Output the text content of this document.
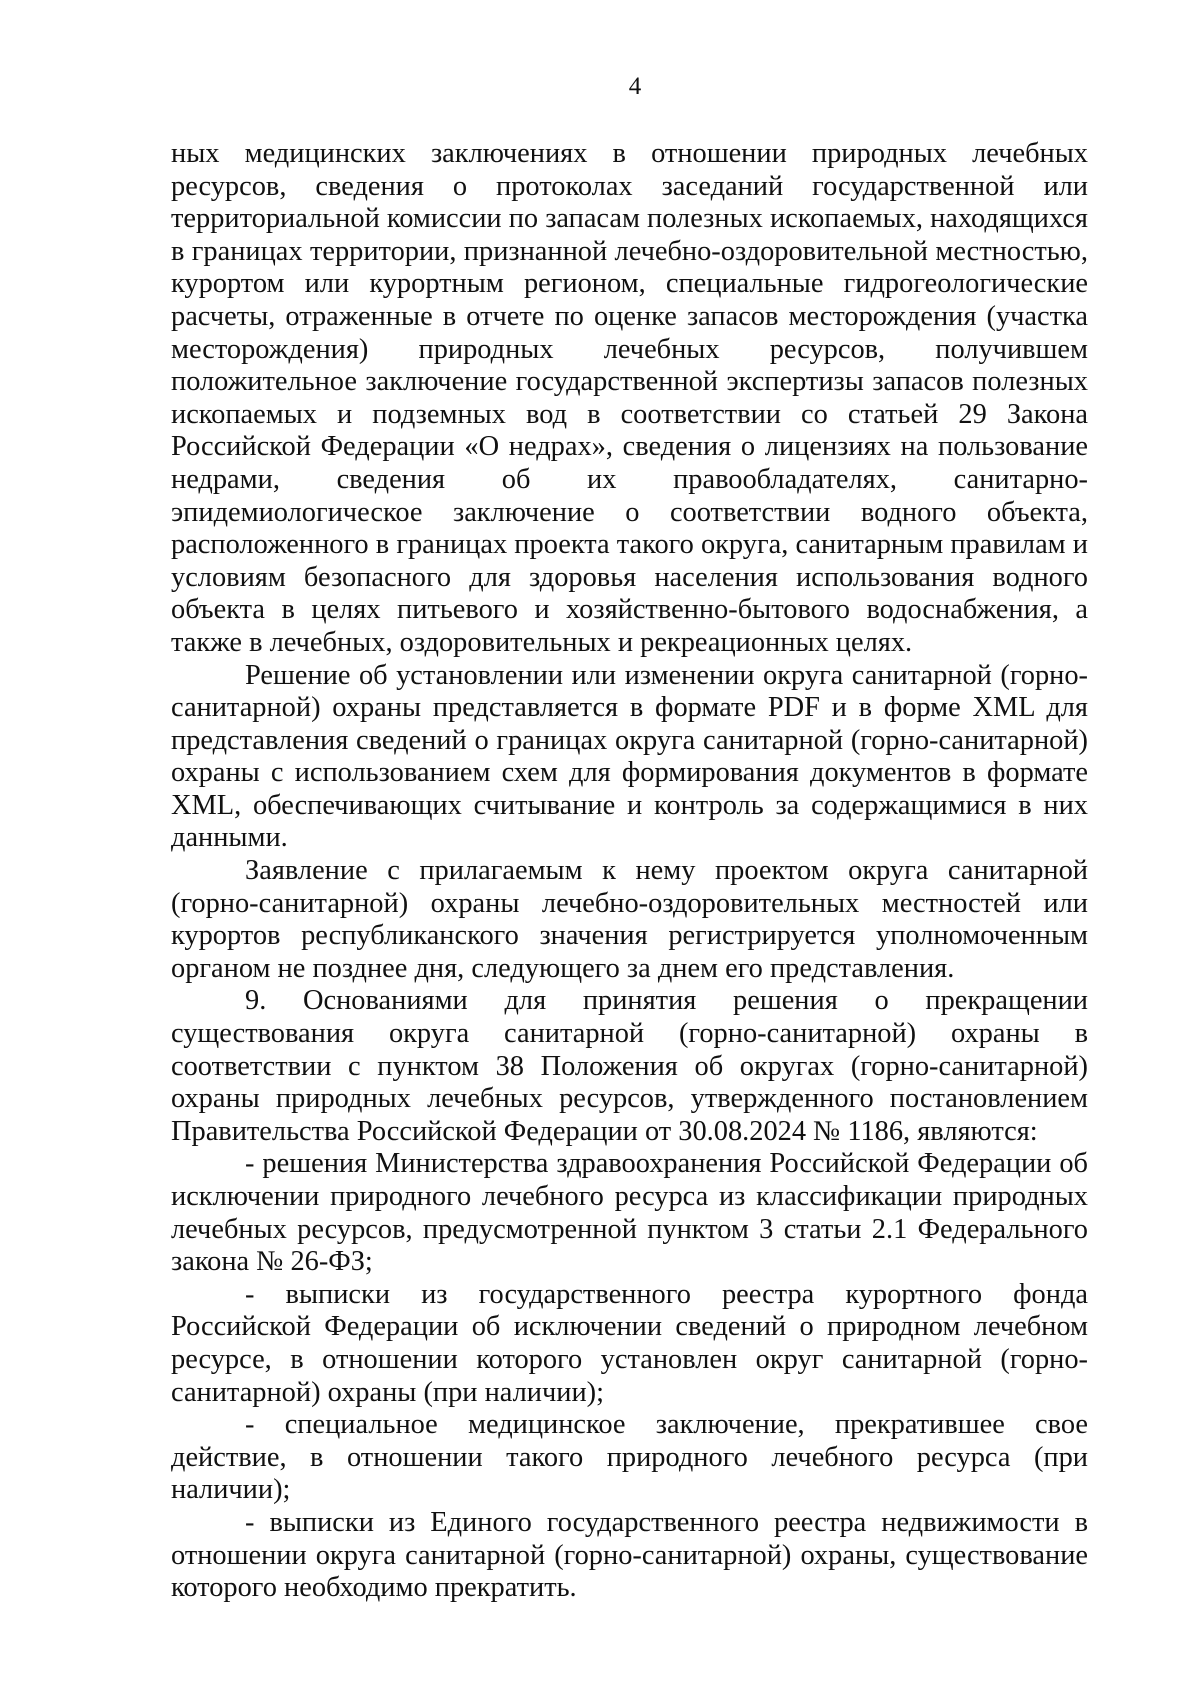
4

ных медицинских заключениях в отношении природных лечебных ресурсов, сведения о протоколах заседаний государственной или территориальной комиссии по запасам полезных ископаемых, находящихся в границах территории, признанной лечебно-оздоровительной местностью, курортом или курортным регионом, специальные гидрогеологические расчеты, отраженные в отчете по оценке запасов месторождения (участка месторождения) природных лечебных ресурсов, получившем положительное заключение государственной экспертизы запасов полезных ископаемых и подземных вод в соответствии со статьей 29 Закона Российской Федерации «О недрах», сведения о лицензиях на пользование недрами, сведения об их правообладателях, санитарно-эпидемиологическое заключение о соответствии водного объекта, расположенного в границах проекта такого округа, санитарным правилам и условиям безопасного для здоровья населения использования водного объекта в целях питьевого и хозяйственно-бытового водоснабжения, а также в лечебных, оздоровительных и рекреационных целях.

Решение об установлении или изменении округа санитарной (горно-санитарной) охраны представляется в формате PDF и в форме XML для представления сведений о границах округа санитарной (горно-санитарной) охраны с использованием схем для формирования документов в формате XML, обеспечивающих считывание и контроль за содержащимися в них данными.

Заявление с прилагаемым к нему проектом округа санитарной (горно-санитарной) охраны лечебно-оздоровительных местностей или курортов республиканского значения регистрируется уполномоченным органом не позднее дня, следующего за днем его представления.

9. Основаниями для принятия решения о прекращении существования округа санитарной (горно-санитарной) охраны в соответствии с пунктом 38 Положения об округах (горно-санитарной) охраны природных лечебных ресурсов, утвержденного постановлением Правительства Российской Федерации от 30.08.2024 № 1186, являются:

- решения Министерства здравоохранения Российской Федерации об исключении природного лечебного ресурса из классификации природных лечебных ресурсов, предусмотренной пунктом 3 статьи 2.1 Федерального закона № 26-ФЗ;

- выписки из государственного реестра курортного фонда Российской Федерации об исключении сведений о природном лечебном ресурсе, в отношении которого установлен округ санитарной (горно-санитарной) охраны (при наличии);

- специальное медицинское заключение, прекратившее свое действие, в отношении такого природного лечебного ресурса (при наличии);

- выписки из Единого государственного реестра недвижимости в отношении округа санитарной (горно-санитарной) охраны, существование которого необходимо прекратить.
